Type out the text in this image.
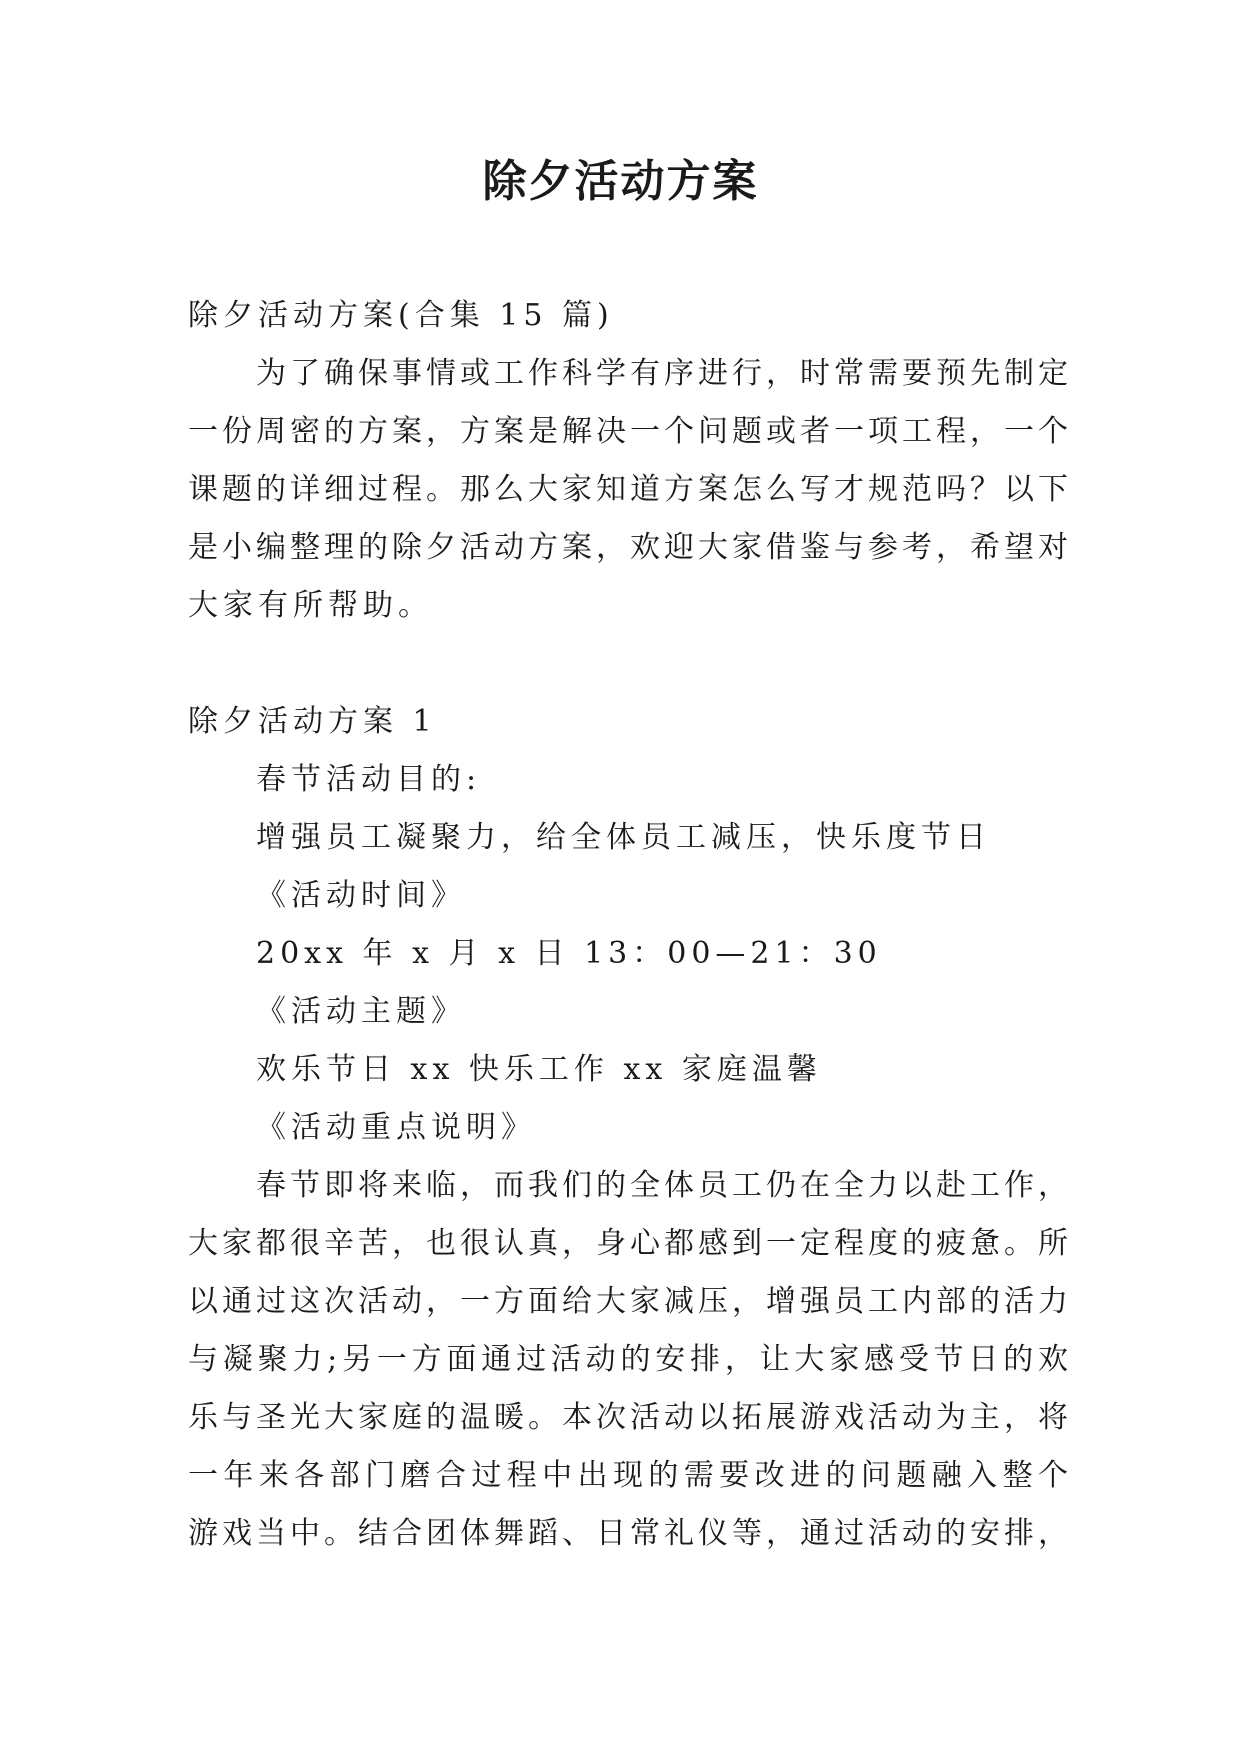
除夕活动方案
除夕活动方案(合集 15 篇)
为了确保事情或工作科学有序进行，时常需要预先制定
一份周密的方案，方案是解决一个问题或者一项工程，一个
课题的详细过程。那么大家知道方案怎么写才规范吗？以下
是小编整理的除夕活动方案，欢迎大家借鉴与参考，希望对
大家有所帮助。
除夕活动方案 1
春节活动目的:
增强员工凝聚力，给全体员工减压，快乐度节日
《活动时间》
20xx 年 x 月 x 日 13：00—21：30
《活动主题》
欢乐节日 xx 快乐工作 xx 家庭温馨
《活动重点说明》
春节即将来临，而我们的全体员工仍在全力以赴工作，
大家都很辛苦，也很认真，身心都感到一定程度的疲惫。所
以通过这次活动，一方面给大家减压，增强员工内部的活力
与凝聚力;另一方面通过活动的安排，让大家感受节日的欢
乐与圣光大家庭的温暖。本次活动以拓展游戏活动为主，将
一年来各部门磨合过程中出现的需要改进的问题融入整个
游戏当中。结合团体舞蹈、日常礼仪等，通过活动的安排，
